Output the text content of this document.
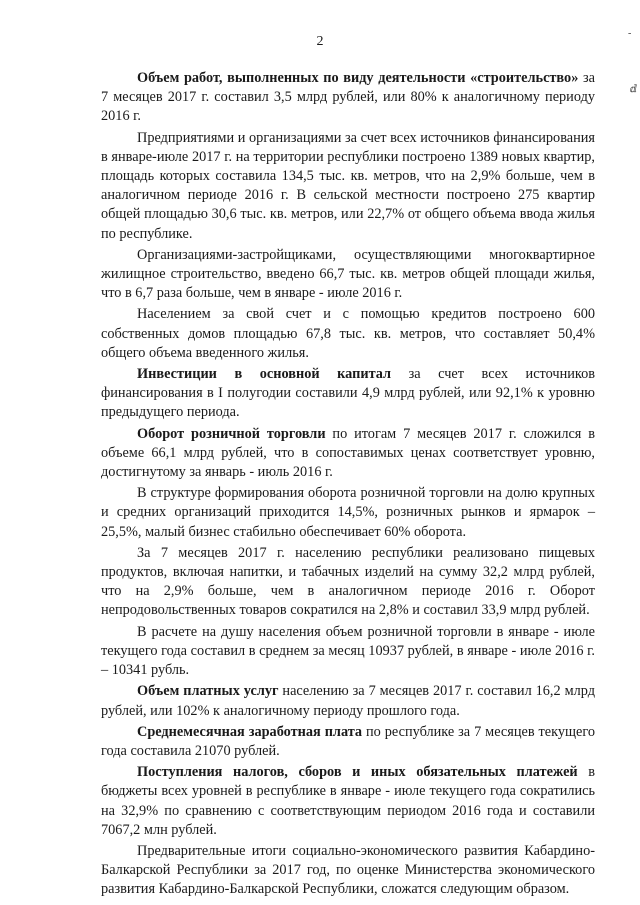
2
-
ⅆ

Объем работ, выполненных по виду деятельности «строительство» за 7 месяцев 2017 г. составил 3,5 млрд рублей, или 80% к аналогичному периоду 2016 г.

Предприятиями и организациями за счет всех источников финансирования в январе-июле 2017 г. на территории республики построено 1389 новых квартир, площадь которых составила 134,5 тыс. кв. метров, что на 2,9% больше, чем в аналогичном периоде 2016 г. В сельской местности построено 275 квартир общей площадью 30,6 тыс. кв. метров, или 22,7% от общего объема ввода жилья по республике.

Организациями-застройщиками, осуществляющими многоквартирное жилищное строительство, введено 66,7 тыс. кв. метров общей площади жилья, что в 6,7 раза больше, чем в январе - июле 2016 г.

Населением за свой счет и с помощью кредитов построено 600 собственных домов площадью 67,8 тыс. кв. метров, что составляет 50,4% общего объема введенного жилья.

Инвестиции в основной капитал за счет всех источников финансирования в I полугодии составили 4,9 млрд рублей, или 92,1% к уровню предыдущего периода.

Оборот розничной торговли по итогам 7 месяцев 2017 г. сложился в объеме 66,1 млрд рублей, что в сопоставимых ценах соответствует уровню, достигнутому за январь - июль 2016 г.

В структуре формирования оборота розничной торговли на долю крупных и средних организаций приходится 14,5%, розничных рынков и ярмарок – 25,5%, малый бизнес стабильно обеспечивает 60% оборота.

За 7 месяцев 2017 г. населению республики реализовано пищевых продуктов, включая напитки, и табачных изделий на сумму 32,2 млрд рублей, что на 2,9% больше, чем в аналогичном периоде 2016 г. Оборот непродовольственных товаров сократился на 2,8% и составил 33,9 млрд рублей.

В расчете на душу населения объем розничной торговли в январе - июле текущего года составил в среднем за месяц 10937 рублей, в январе - июле 2016 г. – 10341 рубль.

Объем платных услуг населению за 7 месяцев 2017 г. составил 16,2 млрд рублей, или 102% к аналогичному периоду прошлого года.

Среднемесячная заработная плата по республике за 7 месяцев текущего года составила 21070 рублей.

Поступления налогов, сборов и иных обязательных платежей в бюджеты всех уровней в республике в январе - июле текущего года сократились на 32,9% по сравнению с соответствующим периодом 2016 года и составили 7067,2 млн рублей.

Предварительные итоги социально-экономического развития Кабардино-Балкарской Республики за 2017 год, по оценке Министерства экономического развития Кабардино-Балкарской Республики, сложатся следующим образом.
